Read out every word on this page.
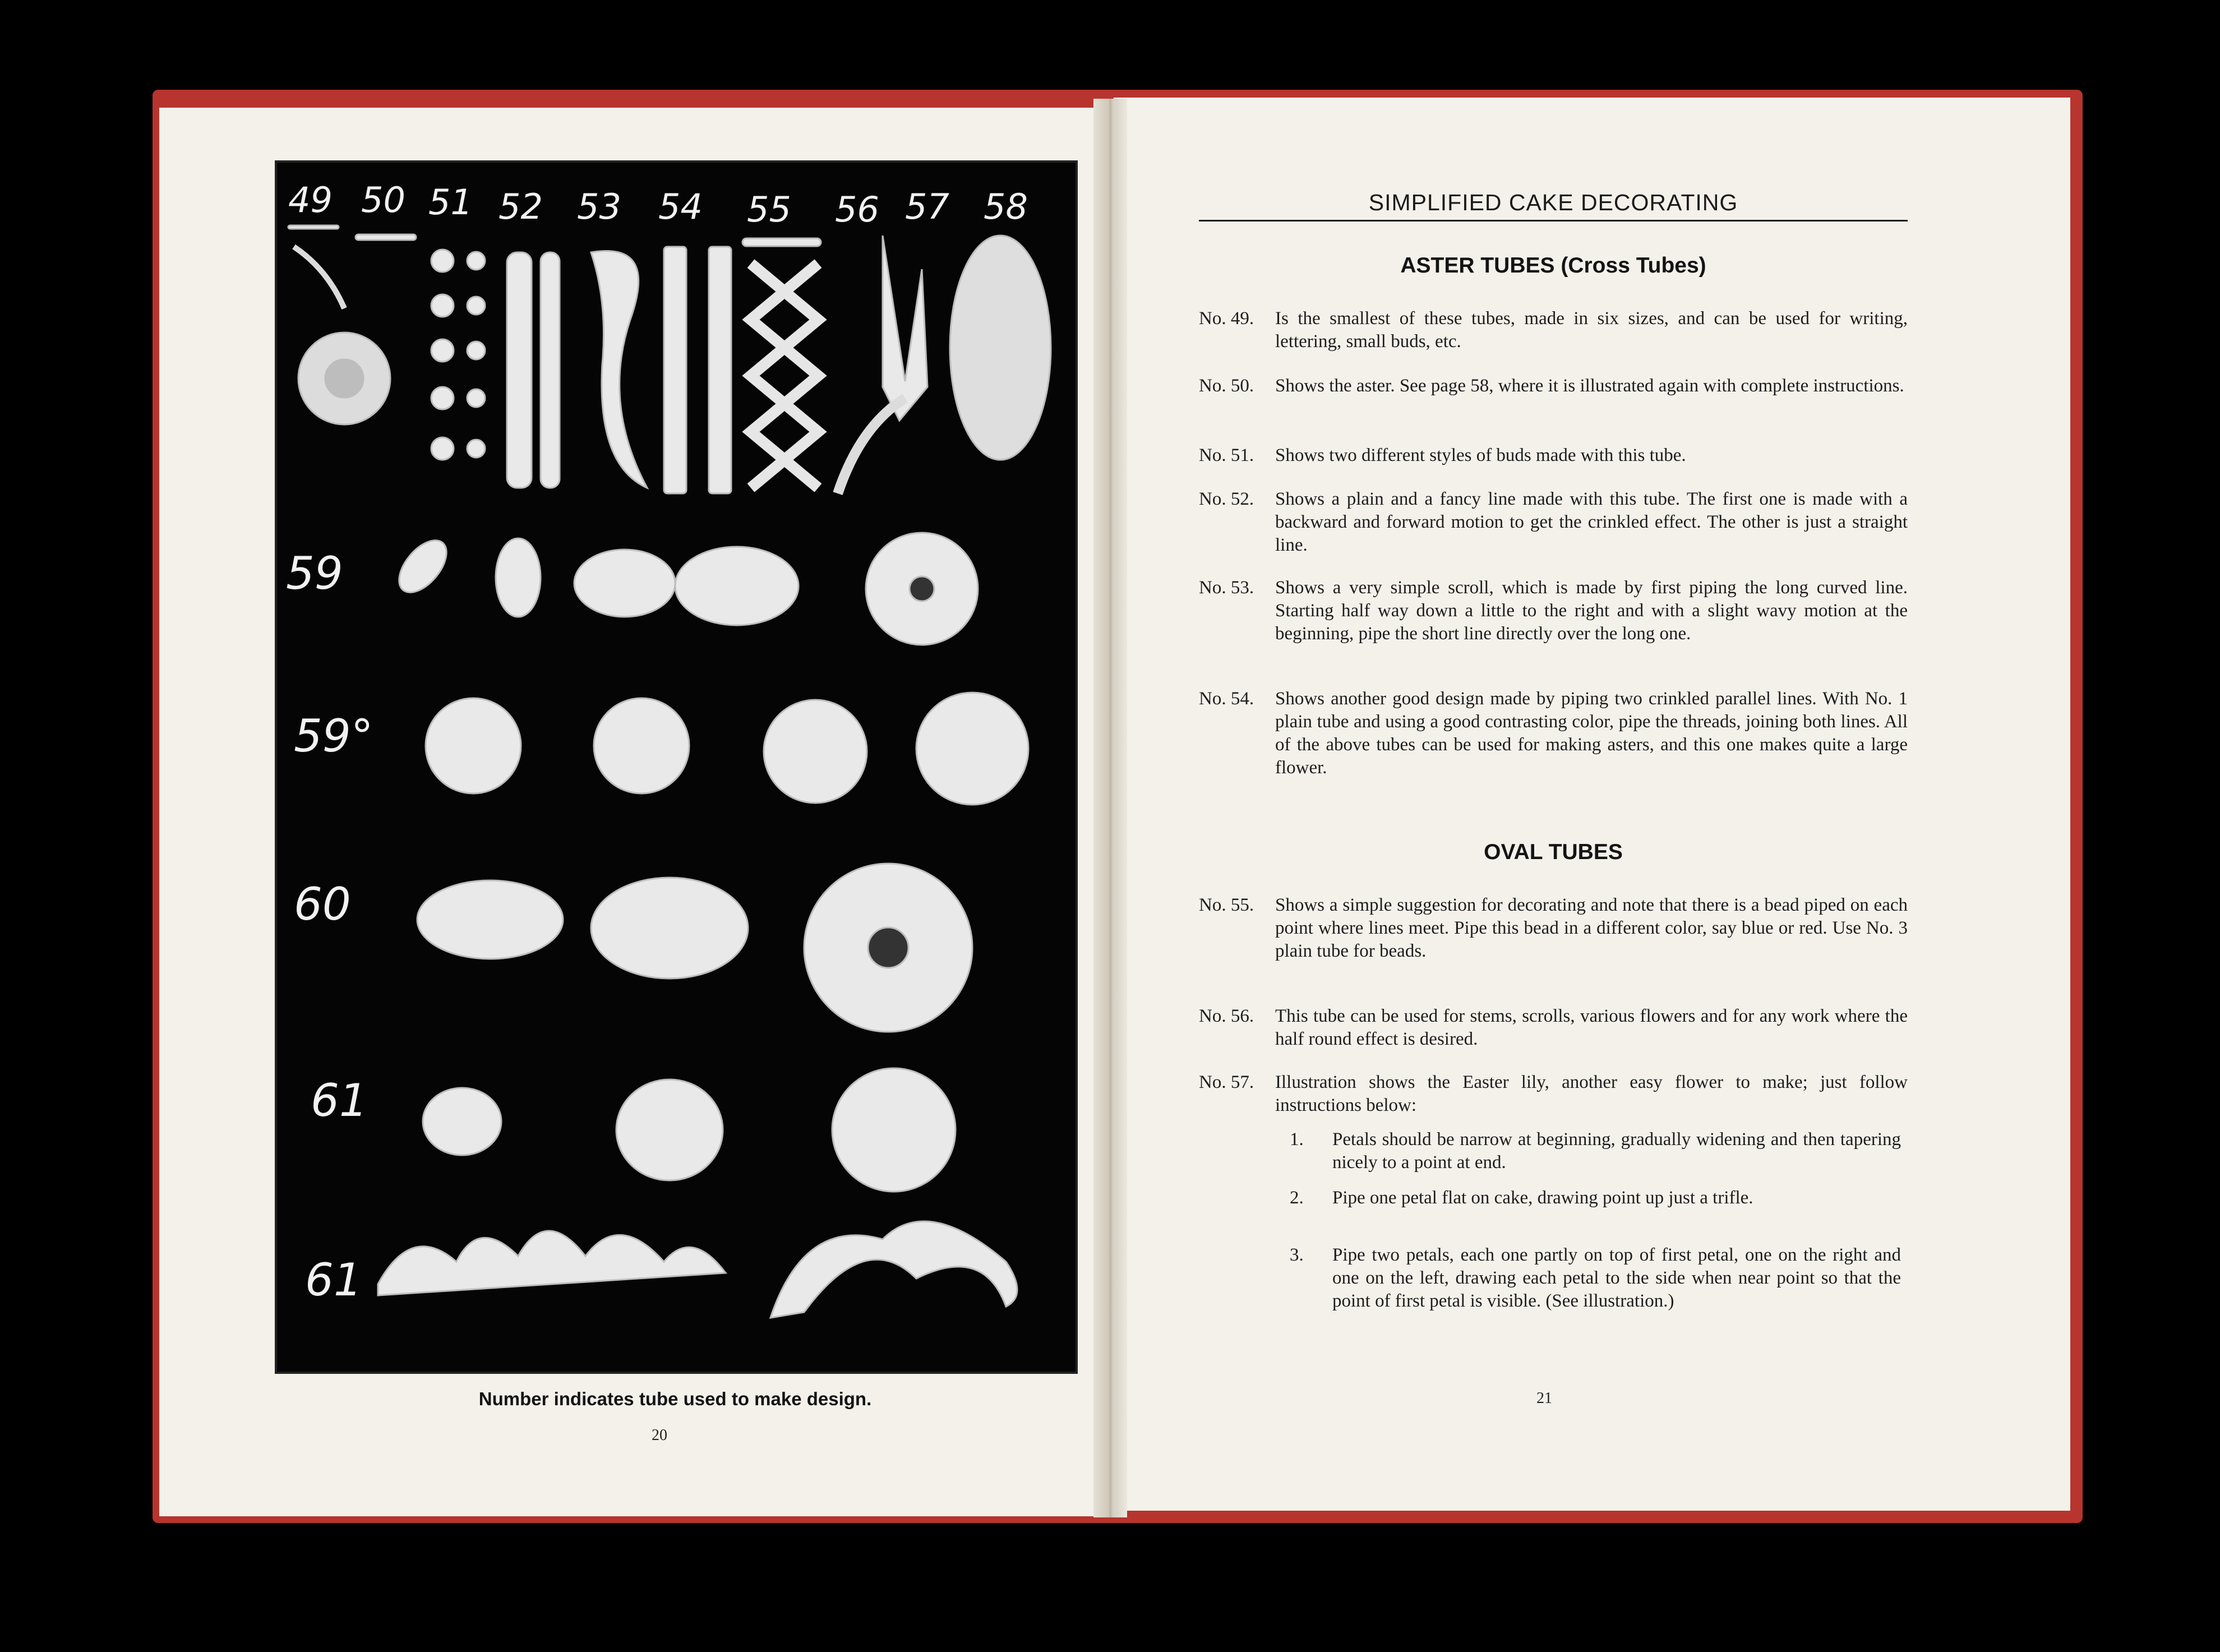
49 50 51 52 53 54 55 56 57 58
59
59°
60
61
61
Number indicates tube used to make design.
20
SIMPLIFIED CAKE DECORATING
ASTER TUBES (Cross Tubes)
No. 49. Is the smallest of these tubes, made in six sizes, and can be used for writing, lettering, small buds, etc.
No. 50. Shows the aster. See page 58, where it is illustrated again with complete instructions.
No. 51. Shows two different styles of buds made with this tube.
No. 52. Shows a plain and a fancy line made with this tube. The first one is made with a backward and forward motion to get the crinkled effect. The other is just a straight line.
No. 53. Shows a very simple scroll, which is made by first piping the long curved line. Starting half way down a little to the right and with a slight wavy motion at the beginning, pipe the short line directly over the long one.
No. 54. Shows another good design made by piping two crinkled parallel lines. With No. 1 plain tube and using a good contrasting color, pipe the threads, joining both lines. All of the above tubes can be used for making asters, and this one makes quite a large flower.
OVAL TUBES
No. 55. Shows a simple suggestion for decorating and note that there is a bead piped on each point where lines meet. Pipe this bead in a different color, say blue or red. Use No. 3 plain tube for beads.
No. 56. This tube can be used for stems, scrolls, various flowers and for any work where the half round effect is desired.
No. 57. Illustration shows the Easter lily, another easy flower to make; just follow instructions below:
1. Petals should be narrow at beginning, gradually widening and then tapering nicely to a point at end.
2. Pipe one petal flat on cake, drawing point up just a trifle.
3. Pipe two petals, each one partly on top of first petal, one on the right and one on the left, drawing each petal to the side when near point so that the point of first petal is visible. (See illustration.)
21
